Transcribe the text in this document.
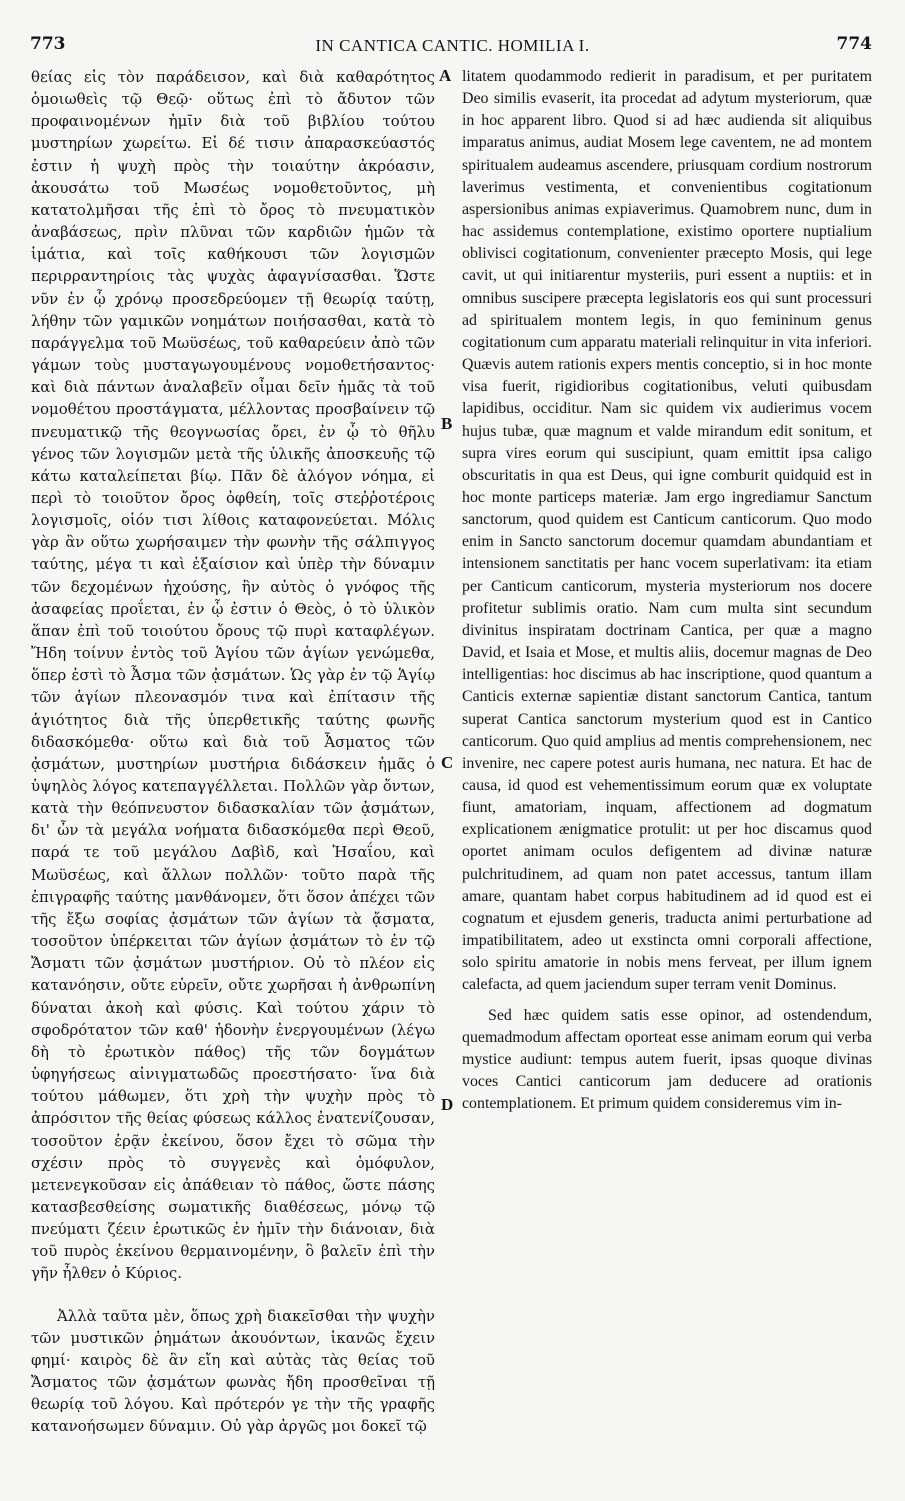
773	IN CANTICA CANTIC. HOMILIA I.	774

θείας εἰς τὸν παράδεισον, καὶ διὰ καθαρότητος ὁμοιωθεὶς τῷ Θεῷ· οὕτως ἐπὶ τὸ ἄδυτον τῶν προφαινομένων ἡμῖν διὰ τοῦ βιβλίου τούτου μυστηρίων χωρείτω. Εἰ δέ τισιν ἀπαρασκεύαστός ἐστιν ἡ ψυχὴ πρὸς τὴν τοιαύτην ἀκρόασιν, ἀκουσάτω τοῦ Μωσέως νομοθετοῦντος, μὴ κατατολμῆσαι τῆς ἐπὶ τὸ ὄρος τὸ πνευματικὸν ἀναβάσεως, πρὶν πλῦναι τῶν καρδιῶν ἡμῶν τὰ ἱμάτια, καὶ τοῖς καθήκουσι τῶν λογισμῶν περιρραντηρίοις τὰς ψυχὰς ἀφαγνίσασθαι. Ὥστε νῦν ἐν ᾧ χρόνῳ προσεδρεύομεν τῇ θεωρίᾳ ταύτῃ, λήθην τῶν γαμικῶν νοημάτων ποιήσασθαι, κατὰ τὸ παράγγελμα τοῦ Μωϋσέως, τοῦ καθαρεύειν ἀπὸ τῶν γάμων τοὺς μυσταγωγουμένους νομοθετήσαντος· καὶ διὰ πάντων ἀναλαβεῖν οἶμαι δεῖν ἡμᾶς τὰ τοῦ νομοθέτου προστάγματα, μέλλοντας προσβαίνειν τῷ πνευματικῷ τῆς θεογνωσίας ὄρει, ἐν ᾧ τὸ θῆλυ γένος τῶν λογισμῶν μετὰ τῆς ὑλικῆς ἀποσκευῆς τῷ κάτω καταλείπεται βίῳ. Πᾶν δὲ ἀλόγον νόημα, εἰ περὶ τὸ τοιοῦτον ὄρος ὀφθείη, τοῖς στεῤῥοτέροις λογισμοῖς, οἱόν τισι λίθοις καταφονεύεται. Μόλις γὰρ ἂν οὕτω χωρήσαιμεν τὴν φωνὴν τῆς σάλπιγγος ταύτης, μέγα τι καὶ ἐξαίσιον καὶ ὑπὲρ τὴν δύναμιν τῶν δεχομένων ἠχούσης, ἣν αὐτὸς ὁ γνόφος τῆς ἀσαφείας προΐεται, ἐν ᾧ ἐστιν ὁ Θεὸς, ὁ τὸ ὑλικὸν ἅπαν ἐπὶ τοῦ τοιούτου ὄρους τῷ πυρὶ καταφλέγων. Ἤδη τοίνυν ἐντὸς τοῦ Ἁγίου τῶν ἁγίων γενώμεθα, ὅπερ ἐστὶ τὸ Ἆσμα τῶν ᾀσμάτων. Ὡς γὰρ ἐν τῷ Ἁγίῳ τῶν ἁγίων πλεονασμόν τινα καὶ ἐπίτασιν τῆς ἁγιότητος διὰ τῆς ὑπερθετικῆς ταύτης φωνῆς διδασκόμεθα· οὕτω καὶ διὰ τοῦ Ἆσματος τῶν ᾀσμάτων, μυστηρίων μυστήρια διδάσκειν ἡμᾶς ὁ ὑψηλὸς λόγος κατεπαγγέλλεται. Πολλῶν γὰρ ὄντων, κατὰ τὴν θεόπνευστον διδασκαλίαν τῶν ᾀσμάτων, δι' ὧν τὰ μεγάλα νοήματα διδασκόμεθα περὶ Θεοῦ, παρά τε τοῦ μεγάλου Δαβὶδ, καὶ Ἡσαΐου, καὶ Μωϋσέως, καὶ ἄλλων πολλῶν· τοῦτο παρὰ τῆς ἐπιγραφῆς ταύτης μανθάνομεν, ὅτι ὅσον ἀπέχει τῶν τῆς ἔξω σοφίας ᾀσμάτων τῶν ἁγίων τὰ ᾄσματα, τοσοῦτον ὑπέρκειται τῶν ἁγίων ᾀσμάτων τὸ ἐν τῷ Ἄσματι τῶν ᾀσμάτων μυστήριον. Οὐ τὸ πλέον εἰς κατανόησιν, οὔτε εὑρεῖν, οὔτε χωρῆσαι ἡ ἀνθρωπίνη δύναται ἀκοὴ καὶ φύσις. Καὶ τούτου χάριν τὸ σφοδρότατον τῶν καθ' ἡδονὴν ἐνεργουμένων (λέγω δὴ τὸ ἐρωτικὸν πάθος) τῆς τῶν δογμάτων ὑφηγήσεως αἰνιγματωδῶς προεστήσατο· ἵνα διὰ τούτου μάθωμεν, ὅτι χρὴ τὴν ψυχὴν πρὸς τὸ ἀπρόσιτον τῆς θείας φύσεως κάλλος ἐνατενίζουσαν, τοσοῦτον ἐρᾷν ἐκείνου, ὅσον ἔχει τὸ σῶμα τὴν σχέσιν πρὸς τὸ συγγενὲς καὶ ὁμόφυλον, μετενεγκοῦσαν εἰς ἀπάθειαν τὸ πάθος, ὥστε πάσης κατασβεσθείσης σωματικῆς διαθέσεως, μόνῳ τῷ πνεύματι ζέειν ἐρωτικῶς ἐν ἡμῖν τὴν διάνοιαν, διὰ τοῦ πυρὸς ἐκείνου θερμαινομένην, ὃ βαλεῖν ἐπὶ τὴν γῆν ἦλθεν ὁ Κύριος.

Ἀλλὰ ταῦτα μὲν, ὅπως χρὴ διακεῖσθαι τὴν ψυχὴν τῶν μυστικῶν ῥημάτων ἀκουόντων, ἱκανῶς ἔχειν φημί· καιρὸς δὲ ἂν εἴη καὶ αὐτὰς τὰς θείας τοῦ Ἄσματος τῶν ᾀσμάτων φωνὰς ἤδη προσθεῖναι τῇ θεωρίᾳ τοῦ λόγου. Καὶ πρότερόν γε τὴν τῆς γραφῆς κατανοήσωμεν δύναμιν. Οὐ γὰρ ἀργῶς μοι δοκεῖ τῷ

A
B
C
D

litatem quodammodo redierit in paradisum, et per puritatem Deo similis evaserit, ita procedat ad adytum mysteriorum, quæ in hoc apparent libro. Quod si ad hæc audienda sit aliquibus imparatus animus, audiat Mosem lege caventem, ne ad montem spiritualem audeamus ascendere, priusquam cordium nostrorum laverimus vestimenta, et convenientibus cogitationum aspersionibus animas expiaverimus. Quamobrem nunc, dum in hac assidemus contemplatione, existimo oportere nuptialium oblivisci cogitationum, convenienter præcepto Mosis, qui lege cavit, ut qui initiarentur mysteriis, puri essent a nuptiis: et in omnibus suscipere præcepta legislatoris eos qui sunt processuri ad spiritualem montem legis, in quo femininum genus cogitationum cum apparatu materiali relinquitur in vita inferiori. Quævis autem rationis expers mentis conceptio, si in hoc monte visa fuerit, rigidioribus cogitationibus, veluti quibusdam lapidibus, occiditur. Nam sic quidem vix audierimus vocem hujus tubæ, quæ magnum et valde mirandum edit sonitum, et supra vires eorum qui suscipiunt, quam emittit ipsa caligo obscuritatis in qua est Deus, qui igne comburit quidquid est in hoc monte particeps materiæ. Jam ergo ingrediamur Sanctum sanctorum, quod quidem est Canticum canticorum. Quo modo enim in Sancto sanctorum docemur quamdam abundantiam et intensionem sanctitatis per hanc vocem superlativam: ita etiam per Canticum canticorum, mysteria mysteriorum nos docere profitetur sublimis oratio. Nam cum multa sint secundum divinitus inspiratam doctrinam Cantica, per quæ a magno David, et Isaia et Mose, et multis aliis, docemur magnas de Deo intelligentias: hoc discimus ab hac inscriptione, quod quantum a Canticis externæ sapientiæ distant sanctorum Cantica, tantum superat Cantica sanctorum mysterium quod est in Cantico canticorum. Quo quid amplius ad mentis comprehensionem, nec invenire, nec capere potest auris humana, nec natura. Et hac de causa, id quod est vehementissimum eorum quæ ex voluptate fiunt, amatoriam, inquam, affectionem ad dogmatum explicationem ænigmatice protulit: ut per hoc discamus quod oportet animam oculos defigentem ad divinæ naturæ pulchritudinem, ad quam non patet accessus, tantum illam amare, quantam habet corpus habitudinem ad id quod est ei cognatum et ejusdem generis, traducta animi perturbatione ad impatibilitatem, adeo ut exstincta omni corporali affectione, solo spiritu amatorie in nobis mens ferveat, per illum ignem calefacta, ad quem jaciendum super terram venit Dominus.

Sed hæc quidem satis esse opinor, ad ostendendum, quemadmodum affectam oporteat esse animam eorum qui verba mystice audiunt: tempus autem fuerit, ipsas quoque divinas voces Cantici canticorum jam deducere ad orationis contemplationem. Et primum quidem consideremus vim in-
